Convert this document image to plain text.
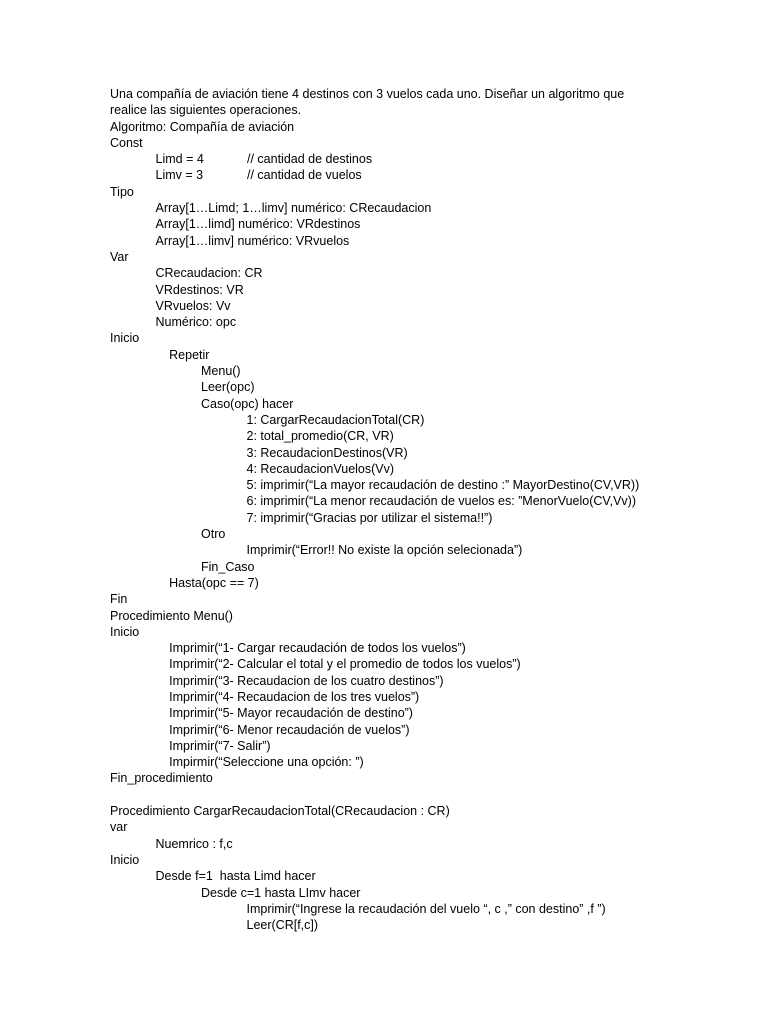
Una compañía de aviación tiene 4 destinos con 3 vuelos cada uno. Diseñar un algoritmo que
realice las siguientes operaciones.
Algoritmo: Compañía de aviación
Const
Limd = 4	// cantidad de destinos
Limv = 3	// cantidad de vuelos
Tipo
Array[1…Limd; 1…limv] numérico: CRecaudacion
Array[1…limd] numérico: VRdestinos
Array[1…limv] numérico: VRvuelos
Var
CRecaudacion: CR
VRdestinos: VR
VRvuelos: Vv
Numérico: opc
Inicio
Repetir
Menu()
Leer(opc)
Caso(opc) hacer
1: CargarRecaudacionTotal(CR)
2: total_promedio(CR, VR)
3: RecaudacionDestinos(VR)
4: RecaudacionVuelos(Vv)
5: imprimir(“La mayor recaudación de destino :” MayorDestino(CV,VR))
6: imprimir(“La menor recaudación de vuelos es: ”MenorVuelo(CV,Vv))
7: imprimir(“Gracias por utilizar el sistema!!”)
Otro
Imprimir(“Error!! No existe la opción selecionada”)
Fin_Caso
Hasta(opc == 7)
Fin
Procedimiento Menu()
Inicio
Imprimir(“1- Cargar recaudación de todos los vuelos”)
Imprimir(“2- Calcular el total y el promedio de todos los vuelos”)
Imprimir(“3- Recaudacion de los cuatro destinos”)
Imprimir(“4- Recaudacion de los tres vuelos”)
Imprimir(“5- Mayor recaudación de destino”)
Imprimir(“6- Menor recaudación de vuelos”)
Imprimir(“7- Salir”)
Impirmir(“Seleccione una opción: ”)
Fin_procedimiento
Procedimiento CargarRecaudacionTotal(CRecaudacion : CR)
var
Nuemrico : f,c
Inicio
Desde f=1  hasta Limd hacer
Desde c=1 hasta LImv hacer
Imprimir(“Ingrese la recaudación del vuelo “, c ,” con destino” ,f ”)
Leer(CR[f,c])
